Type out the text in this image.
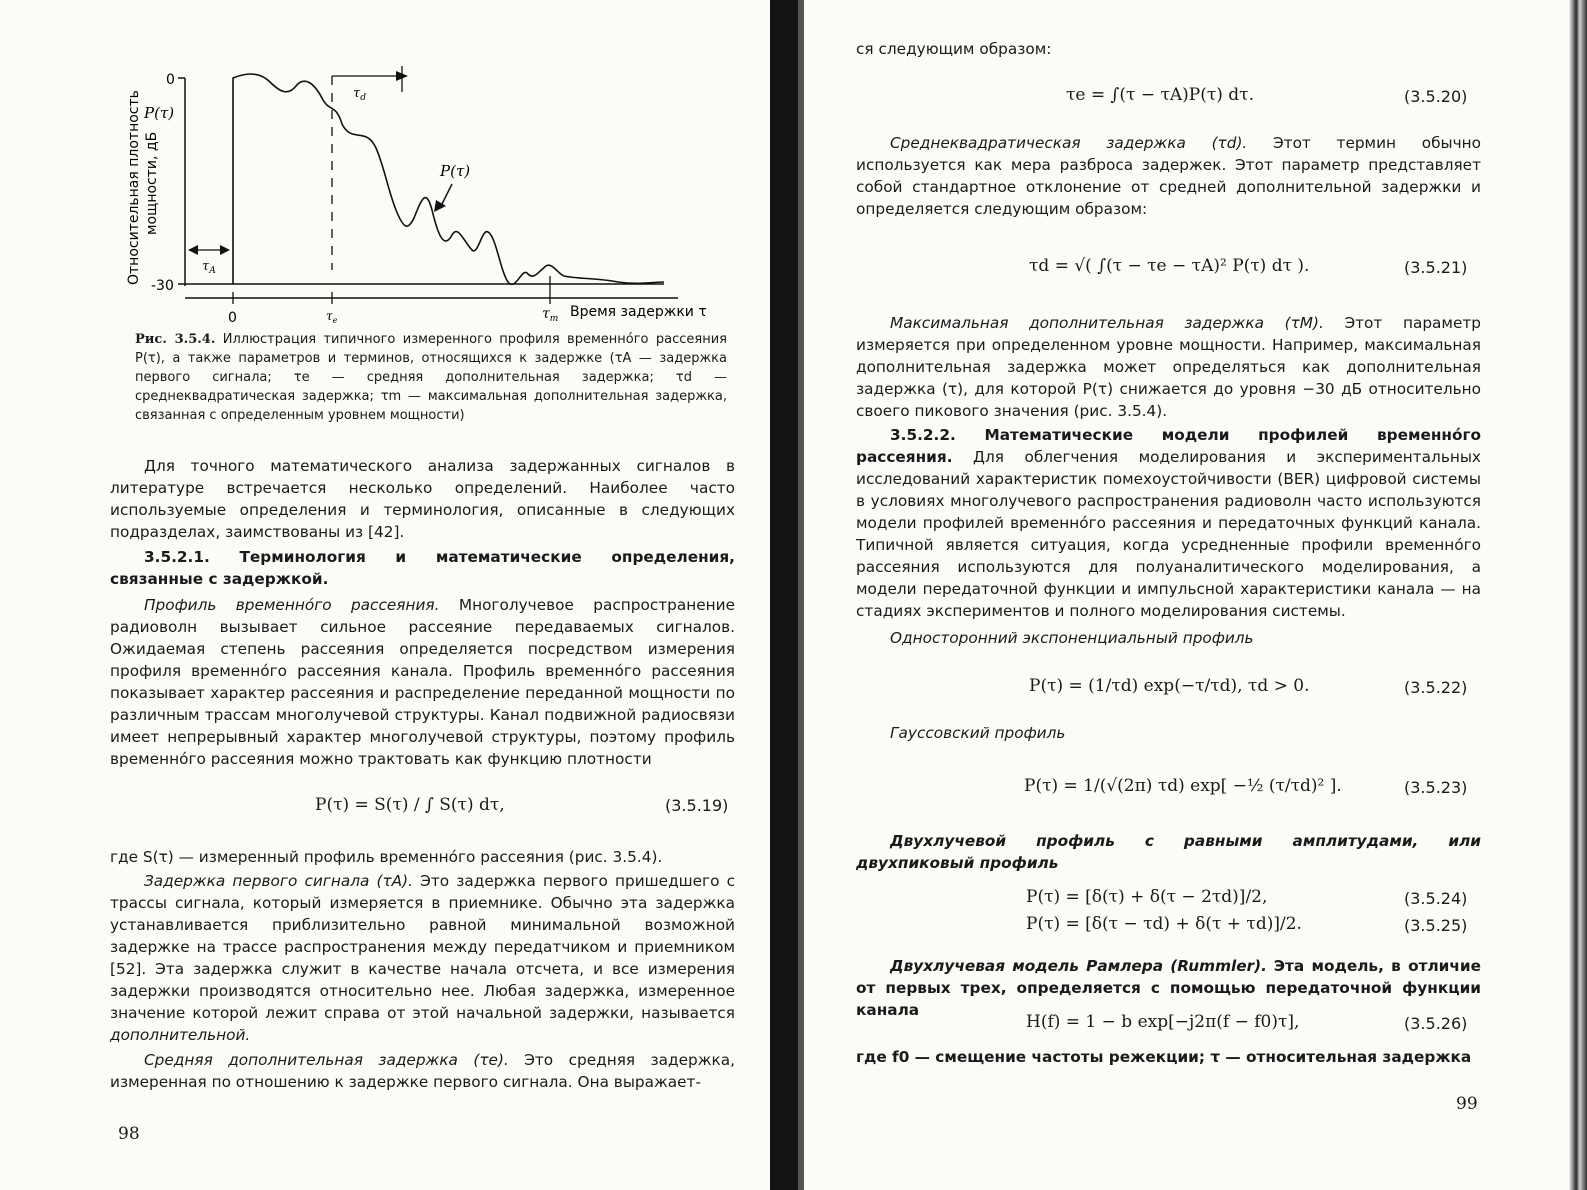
Относительная плотность мощности, дБ
0
-30
P(τ)
0	$\tau_e$	$\tau_m$ Время задержки τ
$\tau_d$
P(τ)
$\tau_A$
Рис. 3.5.4. Иллюстрация типичного измеренного профиля временно́го рассеяния P(τ), а также параметров и терминов, относящихся к задержке (τA — задержка первого сигнала; τe — средняя дополнительная задержка; τd — среднеквадратическая задержка; τm — максимальная дополнительная задержка, связанная с определенным уровнем мощности)
Для точного математического анализа задержанных сигналов в литературе встречается несколько определений. Наиболее часто используемые определения и терминология, описанные в следующих подразделах, заимствованы из [42].
3.5.2.1. Терминология и математические определения, связанные с задержкой.
Профиль временно́го рассеяния. Многолучевое распространение радиоволн вызывает сильное рассеяние передаваемых сигналов. Ожидаемая степень рассеяния определяется посредством измерения профиля временно́го рассеяния канала. Профиль временно́го рассеяния показывает характер рассеяния и распределение переданной мощности по различным трассам многолучевой структуры. Канал подвижной радиосвязи имеет непрерывный характер многолучевой структуры, поэтому профиль временно́го рассеяния можно трактовать как функцию плотности
P(τ) = S(τ) / ∫ S(τ) dτ,	(3.5.19)
где S(τ) — измеренный профиль временно́го рассеяния (рис. 3.5.4).
Задержка первого сигнала (τA). Это задержка первого пришедшего с трассы сигнала, который измеряется в приемнике. Обычно эта задержка устанавливается приблизительно равной минимальной возможной задержке на трассе распространения между передатчиком и приемником [52]. Эта задержка служит в качестве начала отсчета, и все измерения задержки производятся относительно нее. Любая задержка, измеренное значение которой лежит справа от этой начальной задержки, называется дополнительной.
Средняя дополнительная задержка (τe). Это средняя задержка, измеренная по отношению к задержке первого сигнала. Она выражает-
98
ся следующим образом:
τe = ∫(τ − τA)P(τ) dτ.	(3.5.20)
Среднеквадратическая задержка (τd). Этот термин обычно используется как мера разброса задержек. Этот параметр представляет собой стандартное отклонение от средней дополнительной задержки и определяется следующим образом:
τd = √( ∫(τ − τe − τA)² P(τ) dτ ).	(3.5.21)
Максимальная дополнительная задержка (τM). Этот параметр измеряется при определенном уровне мощности. Например, максимальная дополнительная задержка может определяться как дополнительная задержка (τ), для которой P(τ) снижается до уровня −30 дБ относительно своего пикового значения (рис. 3.5.4).
3.5.2.2. Математические модели профилей временно́го рассеяния. Для облегчения моделирования и экспериментальных исследований характеристик помехоустойчивости (BER) цифровой системы в условиях многолучевого распространения радиоволн часто используются модели профилей временно́го рассеяния и передаточных функций канала. Типичной является ситуация, когда усредненные профили временно́го рассеяния используются для полуаналитического моделирования, а модели передаточной функции и импульсной характеристики канала — на стадиях экспериментов и полного моделирования системы.
Односторонний экспоненциальный профиль
P(τ) = (1/τd) exp(−τ/τd), τd > 0.	(3.5.22)
Гауссовский профиль
P(τ) = 1/(√(2π) τd) exp[ −½ (τ/τd)² ].	(3.5.23)
Двухлучевой профиль с равными амплитудами, или двухпиковый профиль
P(τ) = [δ(τ) + δ(τ − 2τd)]/2,	(3.5.24)
P(τ) = [δ(τ − τd) + δ(τ + τd)]/2.	(3.5.25)
Двухлучевая модель Рамлера (Rummler). Эта модель, в отличие от первых трех, определяется с помощью передаточной функции канала
H(f) = 1 − b exp[−j2π(f − f0)τ],	(3.5.26)
где f0 — смещение частоты режекции; τ — относительная задержка
99
